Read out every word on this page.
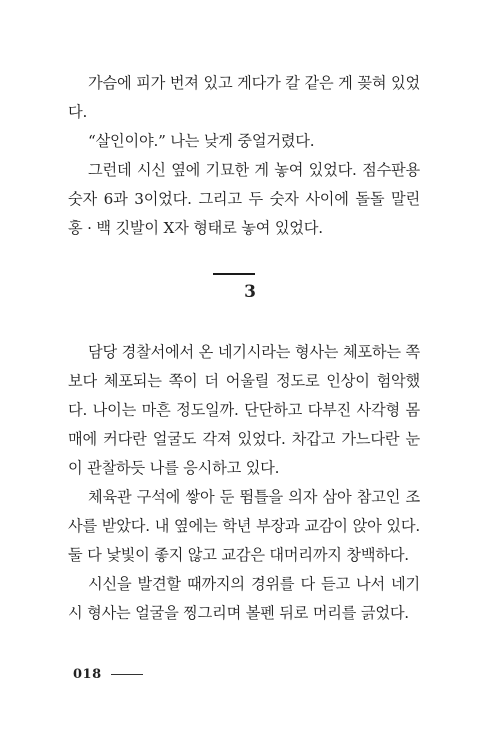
가슴에 피가 번져 있고 게다가 칼 같은 게 꽂혀 있었다.

“살인이야.” 나는 낮게 중얼거렸다.

그런데 시신 옆에 기묘한 게 놓여 있었다. 점수판용 숫자 6과 3이었다. 그리고 두 숫자 사이에 돌돌 말린 홍 · 백 깃발이 X자 형태로 놓여 있었다.

3

담당 경찰서에서 온 네기시라는 형사는 체포하는 쪽보다 체포되는 쪽이 더 어울릴 정도로 인상이 험악했다. 나이는 마흔 정도일까. 단단하고 다부진 사각형 몸매에 커다란 얼굴도 각져 있었다. 차갑고 가느다란 눈이 관찰하듯 나를 응시하고 있다.

체육관 구석에 쌓아 둔 뜀틀을 의자 삼아 참고인 조사를 받았다. 내 옆에는 학년 부장과 교감이 앉아 있다. 둘 다 낯빛이 좋지 않고 교감은 대머리까지 창백하다.

시신을 발견할 때까지의 경위를 다 듣고 나서 네기시 형사는 얼굴을 찡그리며 볼펜 뒤로 머리를 긁었다.

018
